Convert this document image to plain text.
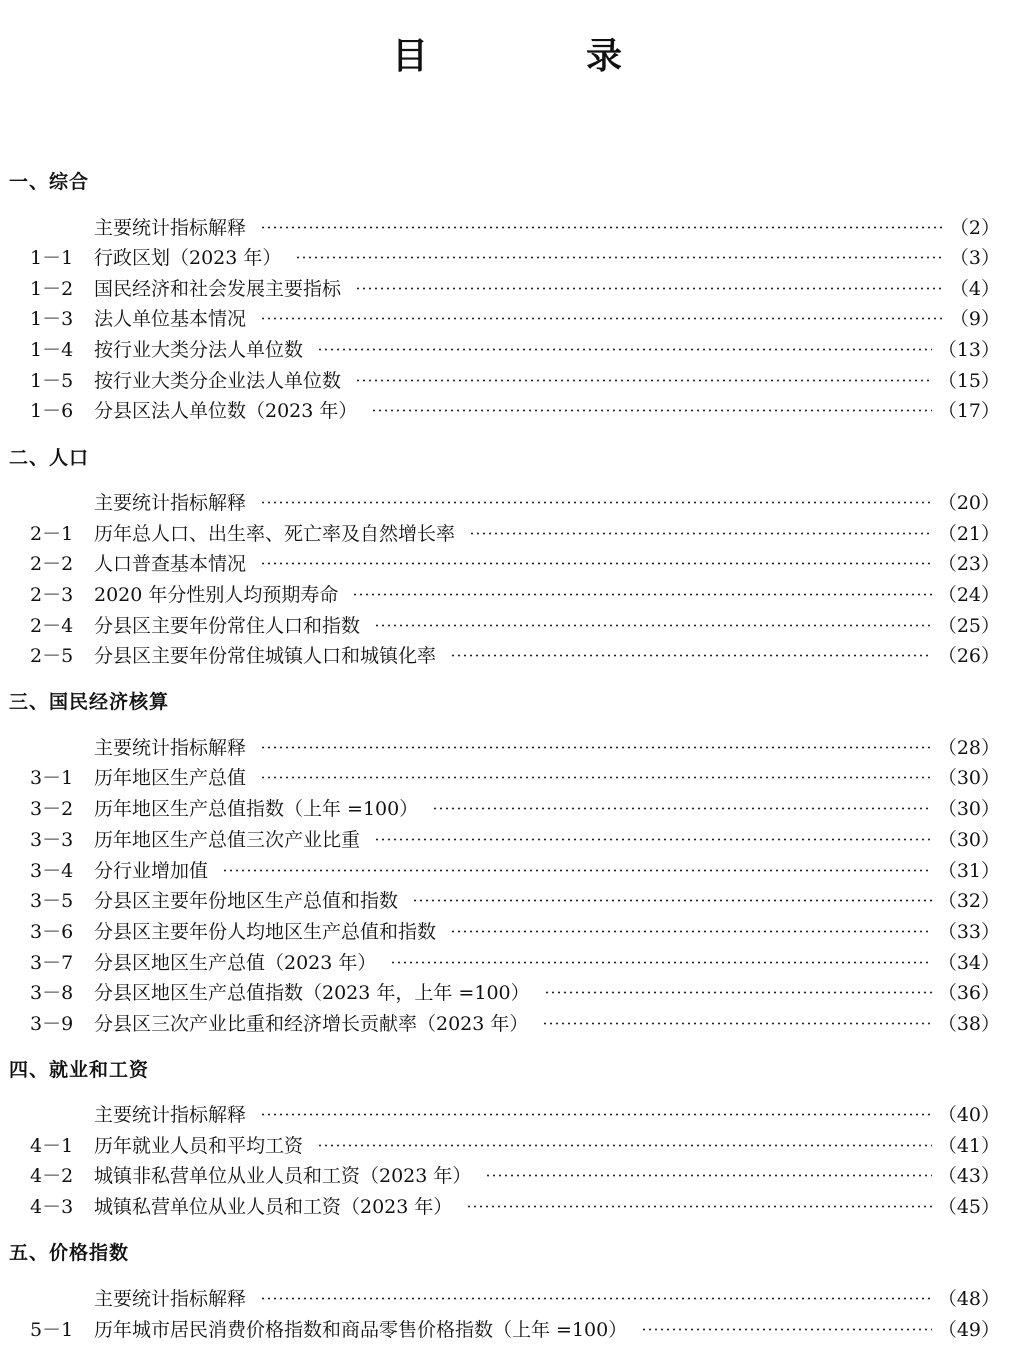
目	录
一、综合
主要统计指标解释	（2）
1－1	行政区划（2023 年）	（3）
1－2	国民经济和社会发展主要指标	（4）
1－3	法人单位基本情况	（9）
1－4	按行业大类分法人单位数	（13）
1－5	按行业大类分企业法人单位数	（15）
1－6	分县区法人单位数（2023 年）	（17）
二、人口
主要统计指标解释	（20）
2－1	历年总人口、出生率、死亡率及自然增长率	（21）
2－2	人口普查基本情况	（23）
2－3	2020 年分性别人均预期寿命	（24）
2－4	分县区主要年份常住人口和指数	（25）
2－5	分县区主要年份常住城镇人口和城镇化率	（26）
三、国民经济核算
主要统计指标解释	（28）
3－1	历年地区生产总值	（30）
3－2	历年地区生产总值指数（上年 =100）	（30）
3－3	历年地区生产总值三次产业比重	（30）
3－4	分行业增加值	（31）
3－5	分县区主要年份地区生产总值和指数	（32）
3－6	分县区主要年份人均地区生产总值和指数	（33）
3－7	分县区地区生产总值（2023 年）	（34）
3－8	分县区地区生产总值指数（2023 年，上年 =100）	（36）
3－9	分县区三次产业比重和经济增长贡献率（2023 年）	（38）
四、就业和工资
主要统计指标解释	（40）
4－1	历年就业人员和平均工资	（41）
4－2	城镇非私营单位从业人员和工资（2023 年）	（43）
4－3	城镇私营单位从业人员和工资（2023 年）	（45）
五、价格指数
主要统计指标解释	（48）
5－1	历年城市居民消费价格指数和商品零售价格指数（上年 =100）	（49）
